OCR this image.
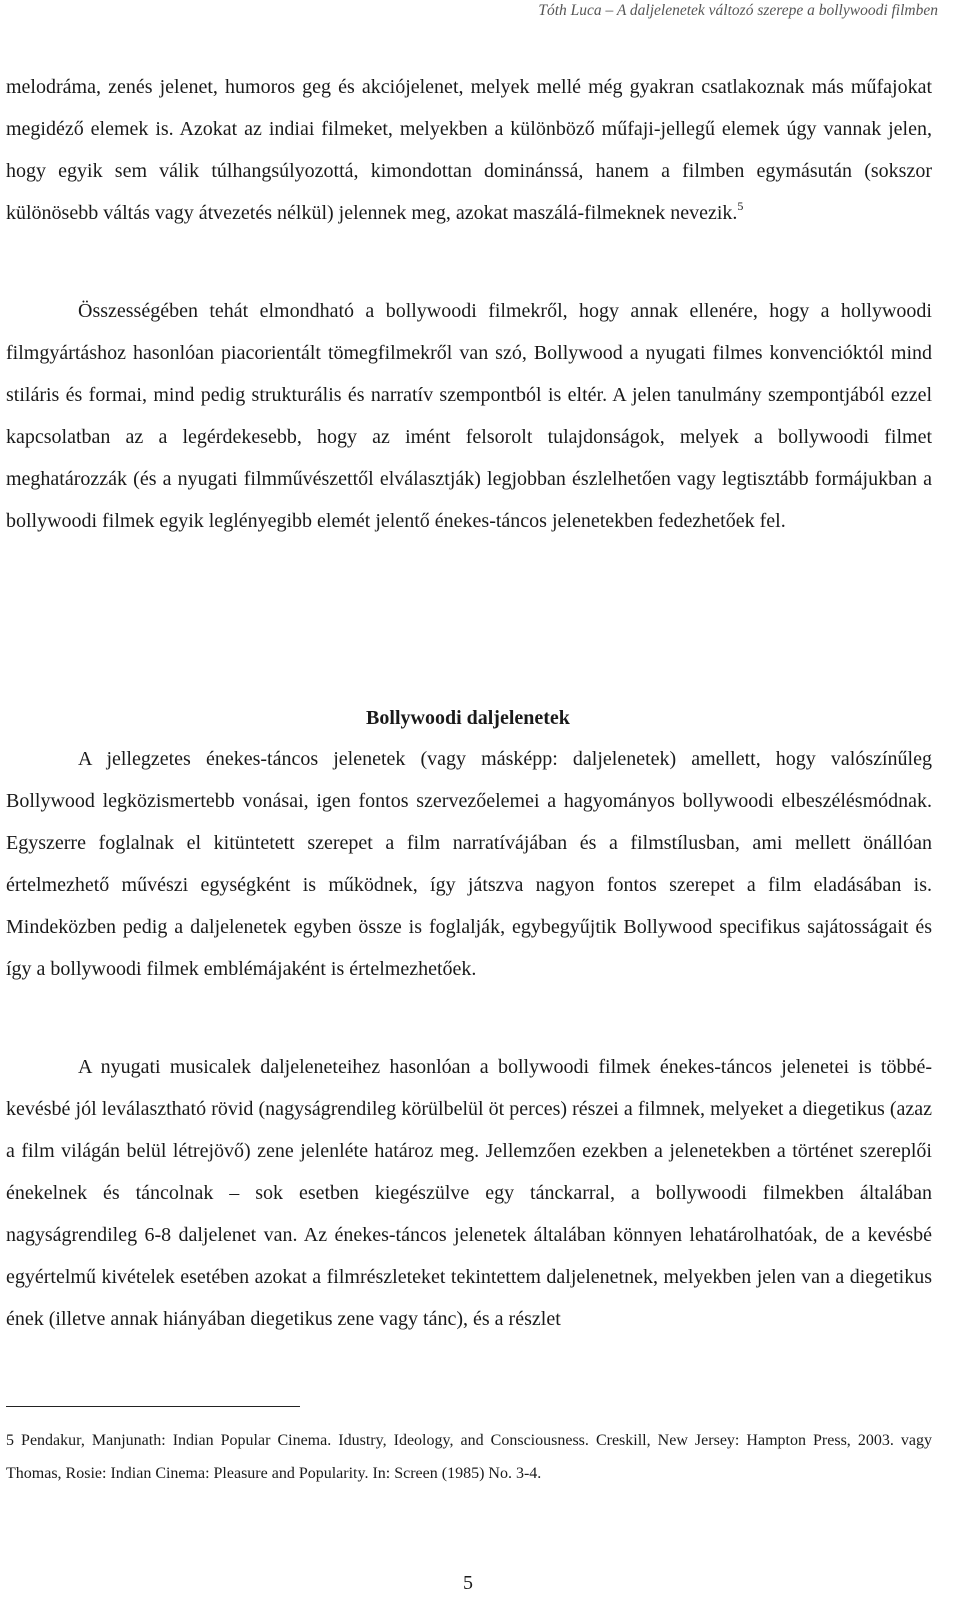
Tóth Luca – A daljelenetek változó szerepe a bollywoodi filmben

melodráma, zenés jelenet, humoros geg és akciójelenet, melyek mellé még gyakran csatlakoznak más műfajokat megidéző elemek is. Azokat az indiai filmeket, melyekben a különböző műfaji-jellegű elemek úgy vannak jelen, hogy egyik sem válik túlhangsúlyozottá, kimondottan dominánssá, hanem a filmben egymásután (sokszor különösebb váltás vagy átvezetés nélkül) jelennek meg, azokat maszálá-filmeknek nevezik.$^5$

Összességében tehát elmondható a bollywoodi filmekről, hogy annak ellenére, hogy a hollywoodi filmgyártáshoz hasonlóan piacorientált tömegfilmekről van szó, Bollywood a nyugati filmes konvencióktól mind stiláris és formai, mind pedig strukturális és narratív szempontból is eltér. A jelen tanulmány szempontjából ezzel kapcsolatban az a legérdekesebb, hogy az imént felsorolt tulajdonságok, melyek a bollywoodi filmet meghatározzák (és a nyugati filmművészettől elválasztják) legjobban észlelhetően vagy legtisztább formájukban a bollywoodi filmek egyik leglényegibb elemét jelentő énekes-táncos jelenetekben fedezhetőek fel.

Bollywoodi daljelenetek

A jellegzetes énekes-táncos jelenetek (vagy másképp: daljelenetek) amellett, hogy valószínűleg Bollywood legközismertebb vonásai, igen fontos szervezőelemei a hagyományos bollywoodi elbeszélésmódnak. Egyszerre foglalnak el kitüntetett szerepet a film narratívájában és a filmstílusban, ami mellett önállóan értelmezhető művészi egységként is működnek, így játszva nagyon fontos szerepet a film eladásában is. Mindeközben pedig a daljelenetek egyben össze is foglalják, egybegyűjtik Bollywood specifikus sajátosságait és így a bollywoodi filmek emblémájaként is értelmezhetőek.

A nyugati musicalek daljeleneteihez hasonlóan a bollywoodi filmek énekes-táncos jelenetei is többé-kevésbé jól leválasztható rövid (nagyságrendileg körülbelül öt perces) részei a filmnek, melyeket a diegetikus (azaz a film világán belül létrejövő) zene jelenléte határoz meg. Jellemzően ezekben a jelenetekben a történet szereplői énekelnek és táncolnak – sok esetben kiegészülve egy tánckarral, a bollywoodi filmekben általában nagyságrendileg 6-8 daljelenet van. Az énekes-táncos jelenetek általában könnyen lehatárolhatóak, de a kevésbé egyértelmű kivételek esetében azokat a filmrészleteket tekintettem daljelenetnek, melyekben jelen van a diegetikus ének (illetve annak hiányában diegetikus zene vagy tánc), és a részlet

5 Pendakur, Manjunath: Indian Popular Cinema. Idustry, Ideology, and Consciousness. Creskill, New Jersey: Hampton Press, 2003. vagy Thomas, Rosie: Indian Cinema: Pleasure and Popularity. In: Screen (1985) No. 3-4.

5
